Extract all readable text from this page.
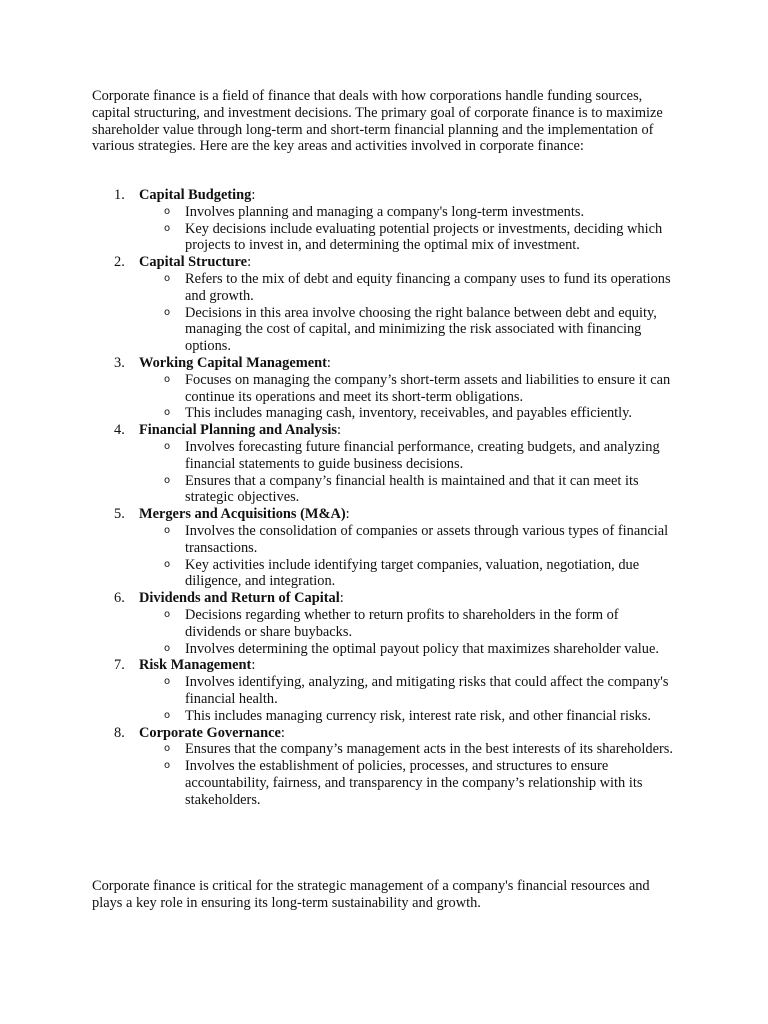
Corporate finance is a field of finance that deals with how corporations handle funding sources, capital structuring, and investment decisions. The primary goal of corporate finance is to maximize shareholder value through long-term and short-term financial planning and the implementation of various strategies. Here are the key areas and activities involved in corporate finance:

1. Capital Budgeting:
o Involves planning and managing a company's long-term investments.
o Key decisions include evaluating potential projects or investments, deciding which projects to invest in, and determining the optimal mix of investment.
2. Capital Structure:
o Refers to the mix of debt and equity financing a company uses to fund its operations and growth.
o Decisions in this area involve choosing the right balance between debt and equity, managing the cost of capital, and minimizing the risk associated with financing options.
3. Working Capital Management:
o Focuses on managing the company’s short-term assets and liabilities to ensure it can continue its operations and meet its short-term obligations.
o This includes managing cash, inventory, receivables, and payables efficiently.
4. Financial Planning and Analysis:
o Involves forecasting future financial performance, creating budgets, and analyzing financial statements to guide business decisions.
o Ensures that a company’s financial health is maintained and that it can meet its strategic objectives.
5. Mergers and Acquisitions (M&A):
o Involves the consolidation of companies or assets through various types of financial transactions.
o Key activities include identifying target companies, valuation, negotiation, due diligence, and integration.
6. Dividends and Return of Capital:
o Decisions regarding whether to return profits to shareholders in the form of dividends or share buybacks.
o Involves determining the optimal payout policy that maximizes shareholder value.
7. Risk Management:
o Involves identifying, analyzing, and mitigating risks that could affect the company's financial health.
o This includes managing currency risk, interest rate risk, and other financial risks.
8. Corporate Governance:
o Ensures that the company’s management acts in the best interests of its shareholders.
o Involves the establishment of policies, processes, and structures to ensure accountability, fairness, and transparency in the company’s relationship with its stakeholders.

Corporate finance is critical for the strategic management of a company's financial resources and plays a key role in ensuring its long-term sustainability and growth.
